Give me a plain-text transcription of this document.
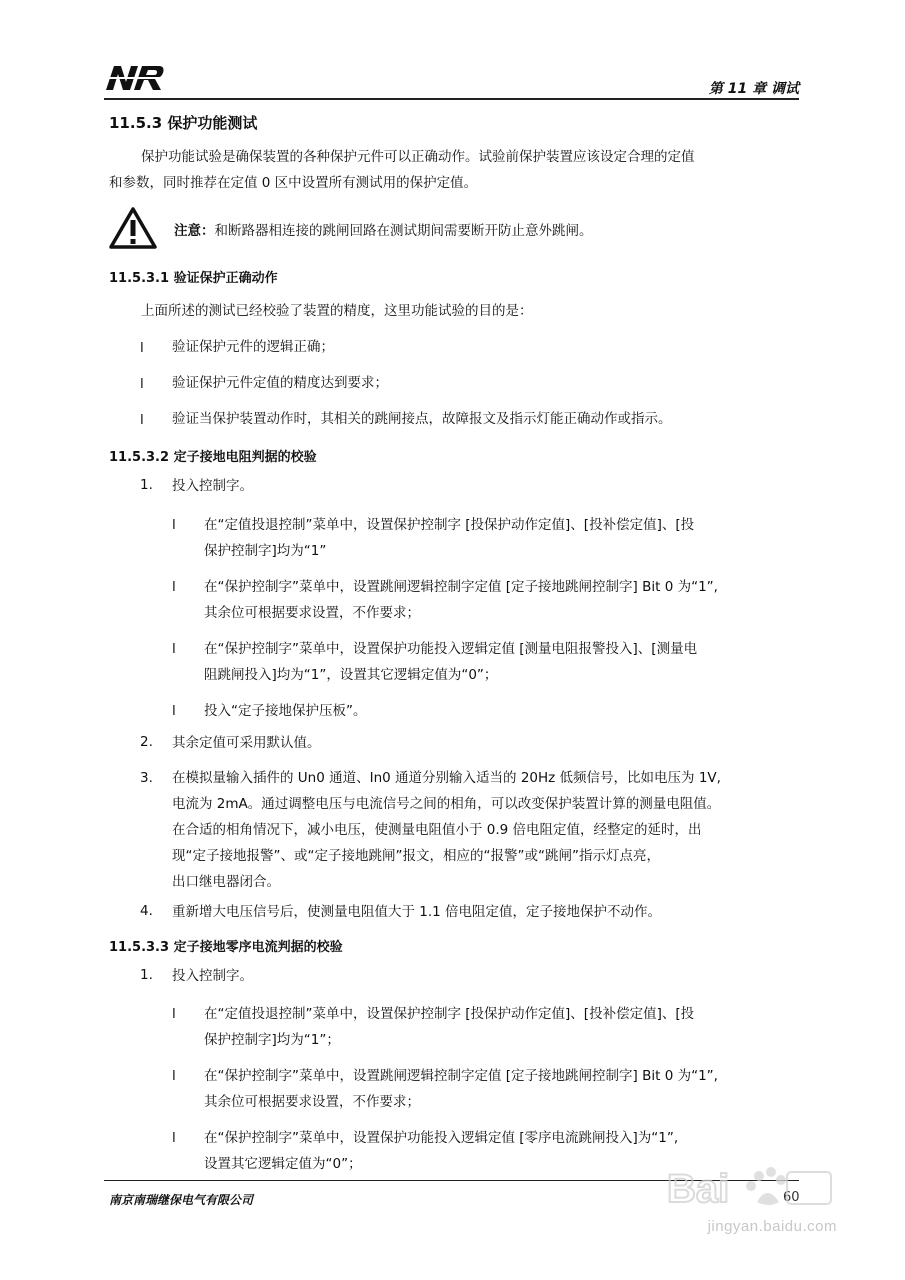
第 11 章 调试
11.5.3 保护功能测试
保护功能试验是确保装置的各种保护元件可以正确动作。试验前保护装置应该设定合理的定值
和参数，同时推荐在定值 0 区中设置所有测试用的保护定值。
注意：和断路器相连接的跳闸回路在测试期间需要断开防止意外跳闸。
11.5.3.1 验证保护正确动作
上面所述的测试已经校验了装置的精度，这里功能试验的目的是：
l 验证保护元件的逻辑正确；
l 验证保护元件定值的精度达到要求；
l 验证当保护装置动作时，其相关的跳闸接点，故障报文及指示灯能正确动作或指示。
11.5.3.2 定子接地电阻判据的校验
1. 投入控制字。
l 在“定值投退控制”菜单中，设置保护控制字 [投保护动作定值]、[投补偿定值]、[投
保护控制字]均为“1”
l 在“保护控制字”菜单中，设置跳闸逻辑控制字定值 [定子接地跳闸控制字] Bit 0 为“1”,
其余位可根据要求设置，不作要求；
l 在“保护控制字”菜单中，设置保护功能投入逻辑定值 [测量电阻报警投入]、[测量电
阻跳闸投入]均为“1”，设置其它逻辑定值为“0”；
l 投入“定子接地保护压板”。
2. 其余定值可采用默认值。
3. 在模拟量输入插件的 Un0 通道、In0 通道分别输入适当的 20Hz 低频信号，比如电压为 1V,
电流为 2mA。通过调整电压与电流信号之间的相角，可以改变保护装置计算的测量电阻值。
在合适的相角情况下，减小电压，使测量电阻值小于 0.9 倍电阻定值，经整定的延时，出
现“定子接地报警”、或“定子接地跳闸”报文，相应的“报警”或“跳闸”指示灯点亮，
出口继电器闭合。
4. 重新增大电压信号后，使测量电阻值大于 1.1 倍电阻定值，定子接地保护不动作。
11.5.3.3 定子接地零序电流判据的校验
1. 投入控制字。
l 在“定值投退控制”菜单中，设置保护控制字 [投保护动作定值]、[投补偿定值]、[投
保护控制字]均为“1”；
l 在“保护控制字”菜单中，设置跳闸逻辑控制字定值 [定子接地跳闸控制字] Bit 0 为“1”,
其余位可根据要求设置，不作要求；
l 在“保护控制字”菜单中，设置保护功能投入逻辑定值 [零序电流跳闸投入]为“1”,
设置其它逻辑定值为“0”；
南京南瑞继保电气有限公司	60
Bai
jingyan.baidu.com
